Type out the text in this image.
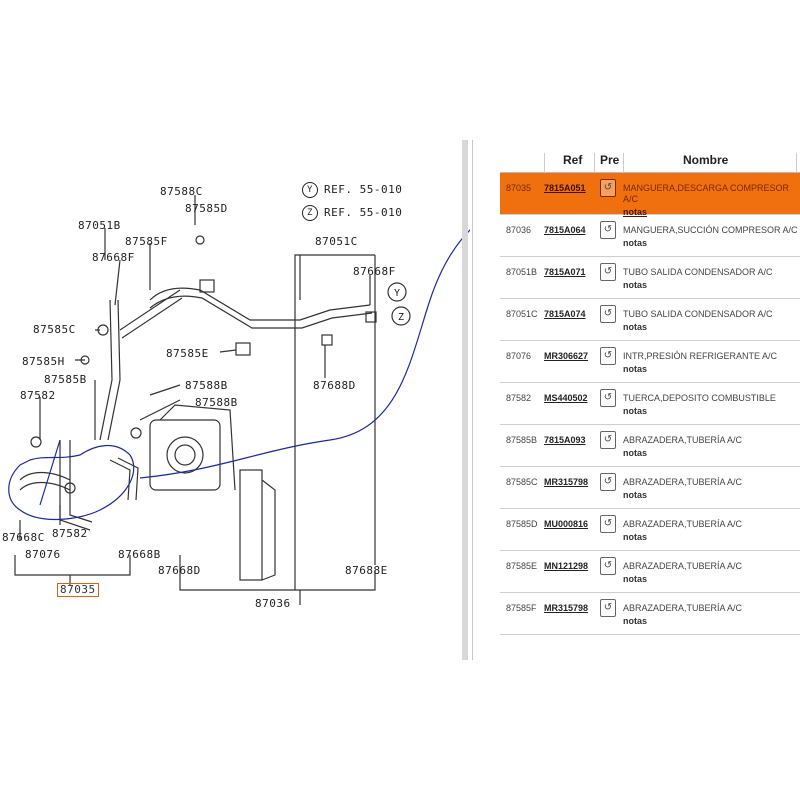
Y
Z
Y REF. 55-010
Z REF. 55-010
87588C
87585D
87051B
87585F
87668F
87051C
87668F
87585C
87585E
87585H
87585B	87588B
87588B
87582
87688D
87582
87668C
87076	87668B
87668D	87688E
87035
87036
Ref Pre	Nombre
87035 7815A051	↺	MANGUERA,DESCARGA COMPRESOR A/C
notas
87036 7815A064	↺	MANGUERA,SUCCIÓN COMPRESOR A/C
notas
87051B 7815A071	↺	TUBO SALIDA CONDENSADOR A/C
notas
87051C 7815A074	↺	TUBO SALIDA CONDENSADOR A/C
notas
87076 MR306627	↺	INTR,PRESIÓN REFRIGERANTE A/C
notas
87582 MS440502	↺	TUERCA,DEPOSITO COMBUSTIBLE
notas
87585B 7815A093	↺	ABRAZADERA,TUBERÍA A/C
notas
87585C MR315798	↺	ABRAZADERA,TUBERÍA A/C
notas
87585D MU000816	↺	ABRAZADERA,TUBERÍA A/C
notas
87585E MN121298	↺	ABRAZADERA,TUBERÍA A/C
notas
87585F MR315798	↺	ABRAZADERA,TUBERÍA A/C
notas
